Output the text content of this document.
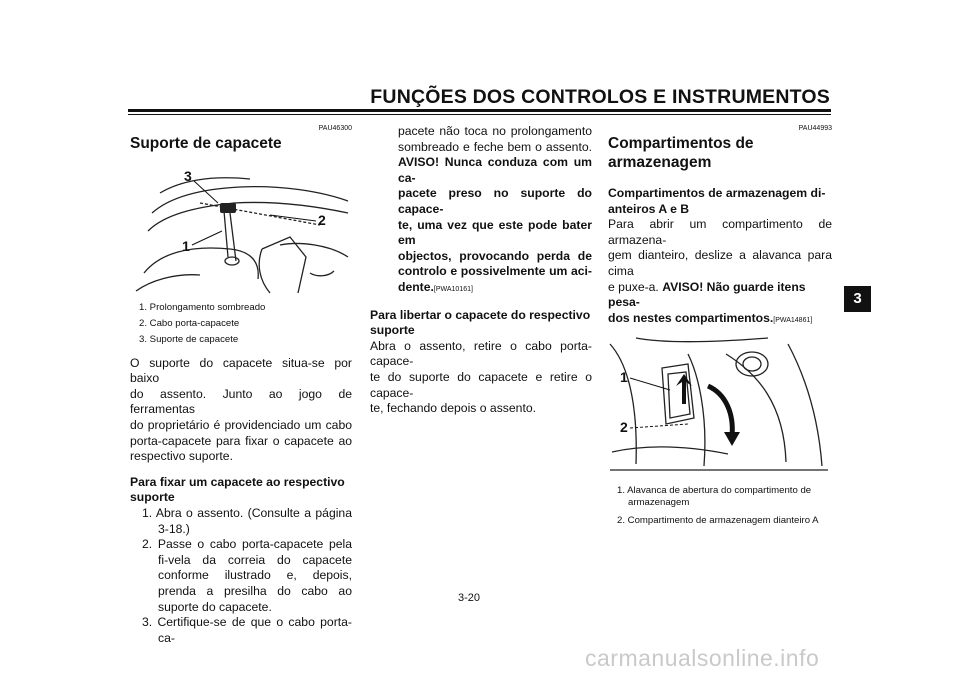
FUNÇÕES DOS CONTROLOS E INSTRUMENTOS
3
PAU46300
Suporte de capacete
3
2
1
1. Prolongamento sombreado
2. Cabo porta-capacete
3. Suporte de capacete
O suporte do capacete situa-se por baixo
do assento. Junto ao jogo de ferramentas
do proprietário é providenciado um cabo
porta-capacete para fixar o capacete ao
respectivo suporte.
Para fixar um capacete ao respectivo
suporte
1. Abra o assento. (Consulte a página 3-18.)
2. Passe o cabo porta-capacete pela fi-vela da correia do capacete conforme ilustrado e, depois, prenda a presilha do cabo ao suporte do capacete.
3. Certifique-se de que o cabo porta-ca-
pacete não toca no prolongamento
sombreado e feche bem o assento.
AVISO! Nunca conduza com um ca-
pacete preso no suporte do capace-
te, uma vez que este pode bater em
objectos, provocando perda de
controlo e possivelmente um aci-
dente.[PWA10161]
Para libertar o capacete do respectivo
suporte
Abra o assento, retire o cabo porta-capace-
te do suporte do capacete e retire o capace-
te, fechando depois o assento.
PAU44993
Compartimentos de
armazenagem
Compartimentos de armazenagem di-
anteiros A e B
Para abrir um compartimento de armazena-
gem dianteiro, deslize a alavanca para cima
e puxe-a. AVISO! Não guarde itens pesa-
dos nestes compartimentos.[PWA14861]
1
2
1. Alavanca de abertura do compartimento de armazenagem
2. Compartimento de armazenagem dianteiro A
3-20
carmanualsonline.info
